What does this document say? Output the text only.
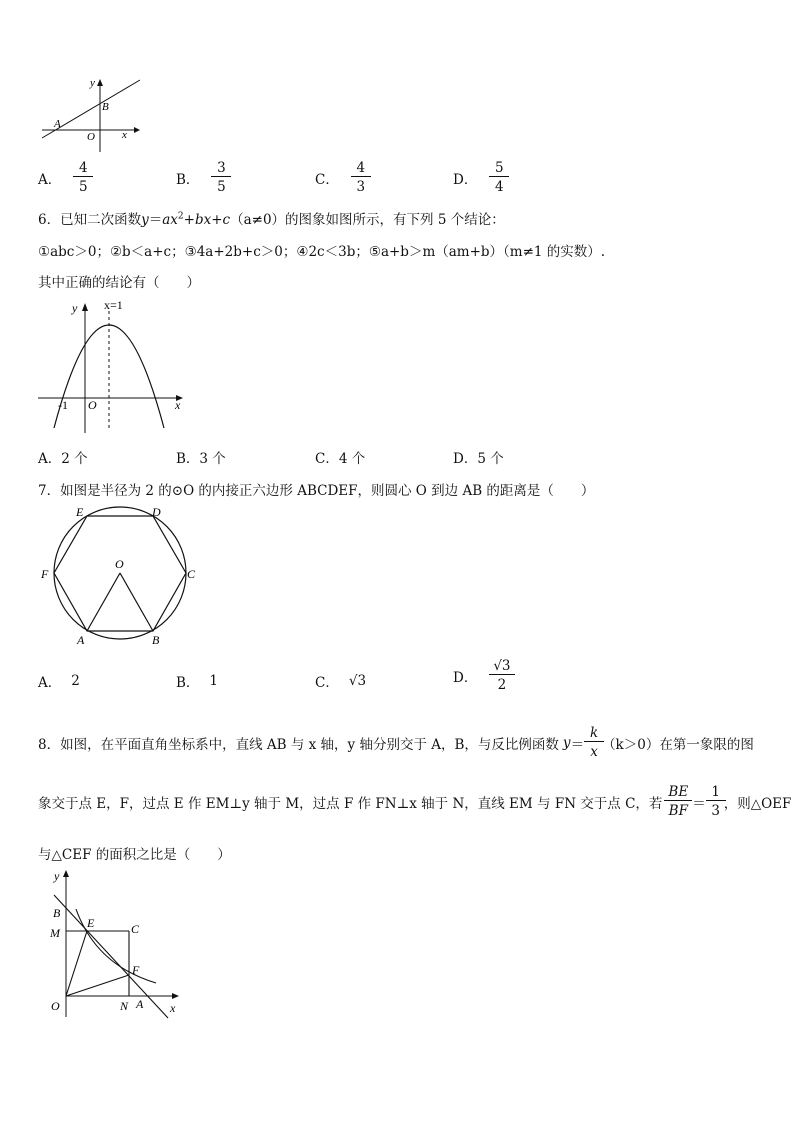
y
B
A
O x
A． $\frac{4}{5}$	B． $\frac{3}{5}$	C． $\frac{4}{3}$	D． $\frac{5}{4}$
6．已知二次函数$y=ax^2+bx+c(a\ne 0)$的图象如图所示，有下列 5 个结论：
①abc＞0；②b＜a+c；③4a+2b+c＞0；④2c＜3b；⑤a+b＞m（am+b）（m≠1 的实数）.
其中正确的结论有（　　）
y x=1
-1 O	x
A．2 个	B．3 个	C．4 个	D．5 个
7．如图是半径为 2 的⊙O 的内接正六边形 ABCDEF，则圆心 O 到边 AB 的距离是（　　）
E	D
F	C
O
A	B
A． 2	B． 1	C． √3	D． $\frac{√3}{2}$
8．如图，在平面直角坐标系中，直线 AB 与 x 轴，y 轴分别交于 A，B，与反比例函数 $y = \frac{k}{x} (k>0)$在第一象限的图
象交于点 E，F，过点 E 作 EM⊥y 轴于 M，过点 F 作 FN⊥x 轴于 N，直线 EM 与 FN 交于点 C，若 $\frac{BE}{BF} = \frac{1}{3}$ ，则△OEF
与△CEF 的面积之比是（　　）
y
B
E	C
M
F
O	N A x
